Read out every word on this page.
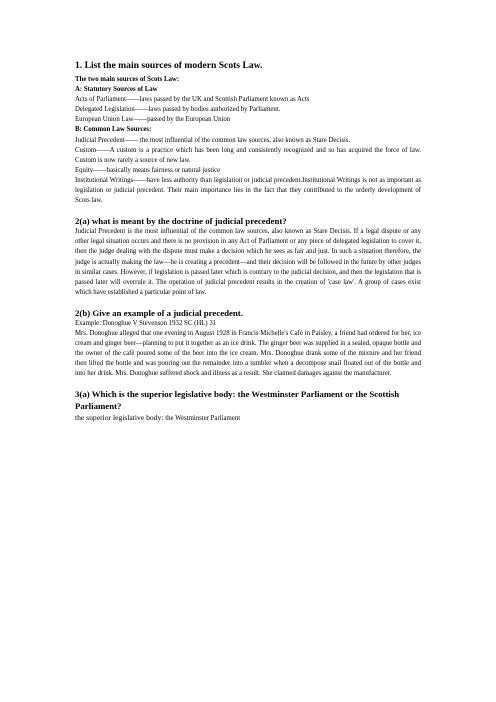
1. List the main sources of modern Scots Law.

The two main sources of Scots Law:

A: Statutory Sources of Law

Acts of Parliament——laws passed by the UK and Scottish Parliament known as Acts

Delegated Legislation——laws passed by bodies authorized by Parliament.

European Union Law——passed by the European Union

B: Common Law Sources:

Judicial Precedent—— the most influential of the common law sources, also known as Stare Decisis.

Custom——A custom is a practice which has been long and consistently recognized and so has acquired the force of law. Custom is now rarely a source of new law.

Equity——basically means fairness or natural justice

Institutional Writings——have less authority than legislation or judicial precedent.Institutional Writings is not as important as legislation or judicial precedent. Their main importance lies in the fact that they contributed to the orderly development of Scots law.

2(a) what is meant by the doctrine of judicial precedent?

Judicial Precedent is the most influential of the common law sources, also known as Stare Decisis. If a legal dispute or any other legal situation occurs and there is no provision in any Act of Parliament or any piece of delegated legislation to cover it, then the judge dealing with the dispute must make a decision which he sees as fair and just. In such a situation therefore, the judge is actually making the law—he is creating a precedent—and their decision will be followed in the future by other judges in similar cases. However, if legislation is passed later which is contrary to the judicial decision, and then the legislation that is passed later will overrule it. The operation of judicial precedent results in the creation of 'case law'. A group of cases exist which have established a particular point of law.

2(b) Give an example of a judicial precedent.

Example: Donoghue V Stevenson 1932 SC (HL) 31

Mrs. Donoghue alleged that one evening in August 1928 in Francis Michelle's Café in Paisley, a friend had ordered for her, ice cream and ginger beer—planning to put it together as an ice drink. The ginger beer was supplied in a sealed, opaque bottle and the owner of the café poured some of the beer into the ice cream. Mrs. Donoghue drank some of the mixture and her friend then lifted the bottle and was pouring out the remainder into a tumbler when a decompose snail floated out of the bottle and into her drink. Mrs. Donoghue suffered shock and illness as a result. She claimed damages against the manufacturer.

3(a) Which is the superior legislative body: the Westminster Parliament or the Scottish Parliament?

the superior legislative body: the Westminster Parliament
